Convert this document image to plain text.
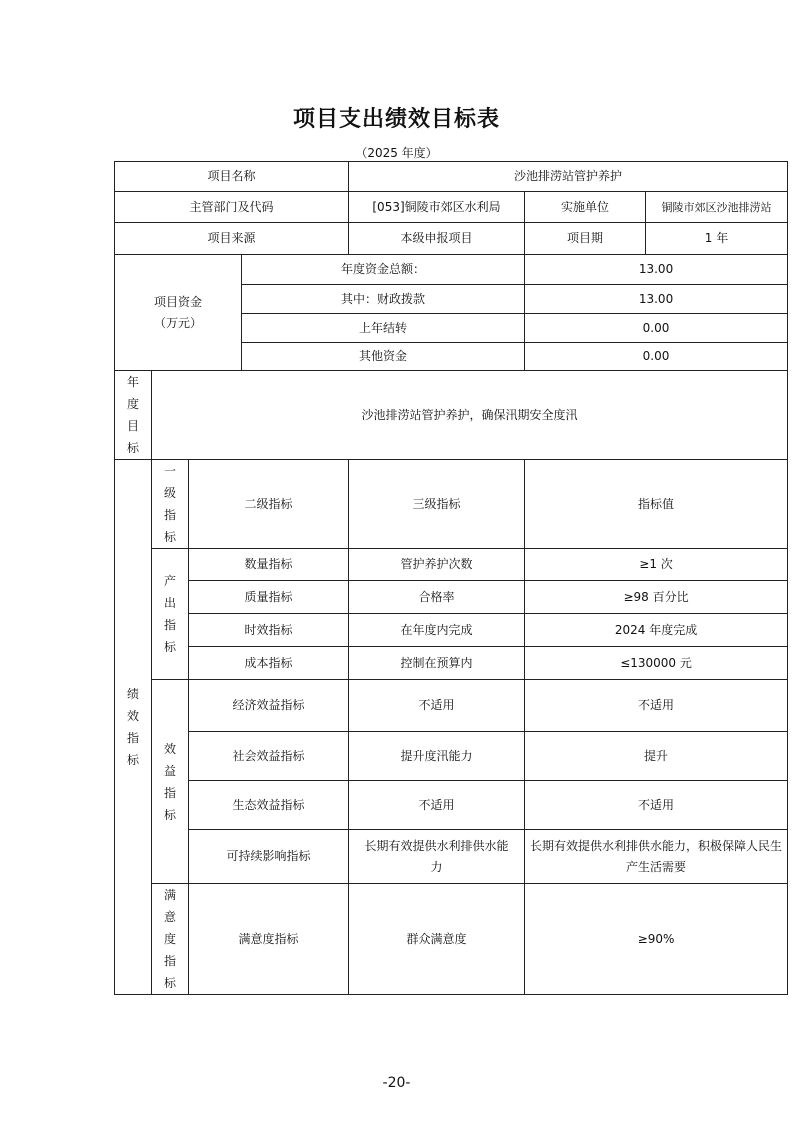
项目支出绩效目标表
（2025 年度）
项目名称				沙池排涝站管护养护		
主管部门及代码				[053]铜陵市郊区水利局	实施单位	铜陵市郊区沙池排涝站
项目来源				本级申报项目	项目期	1 年

项目资金
（万元）			年度资金总额：		13.00	
			其中：财政拨款		13.00	
			上年结转		0.00	
			其他资金		0.00	

年
度
目
标	沙池排涝站管护养护，确保汛期安全度汛					

绩
效
指
标	一
级
指
标	二级指标		三级指标	指标值	

	产
出
指
标	数量指标		管护养护次数	≥1 次	
		质量指标		合格率	≥98 百分比	
		时效指标		在年度内完成	2024 年度完成	
		成本指标		控制在预算内	≤130000 元	

	效
益
指
标	经济效益指标		不适用	不适用	
		社会效益指标		提升度汛能力	提升	
		生态效益指标		不适用	不适用	
		可持续影响指标		长期有效提供水利排供水能力	长期有效提供水利排供水能力，积极保障人民生产生活需要	

	满
意
度
指
标	满意度指标		群众满意度	≥90%	
-20-
